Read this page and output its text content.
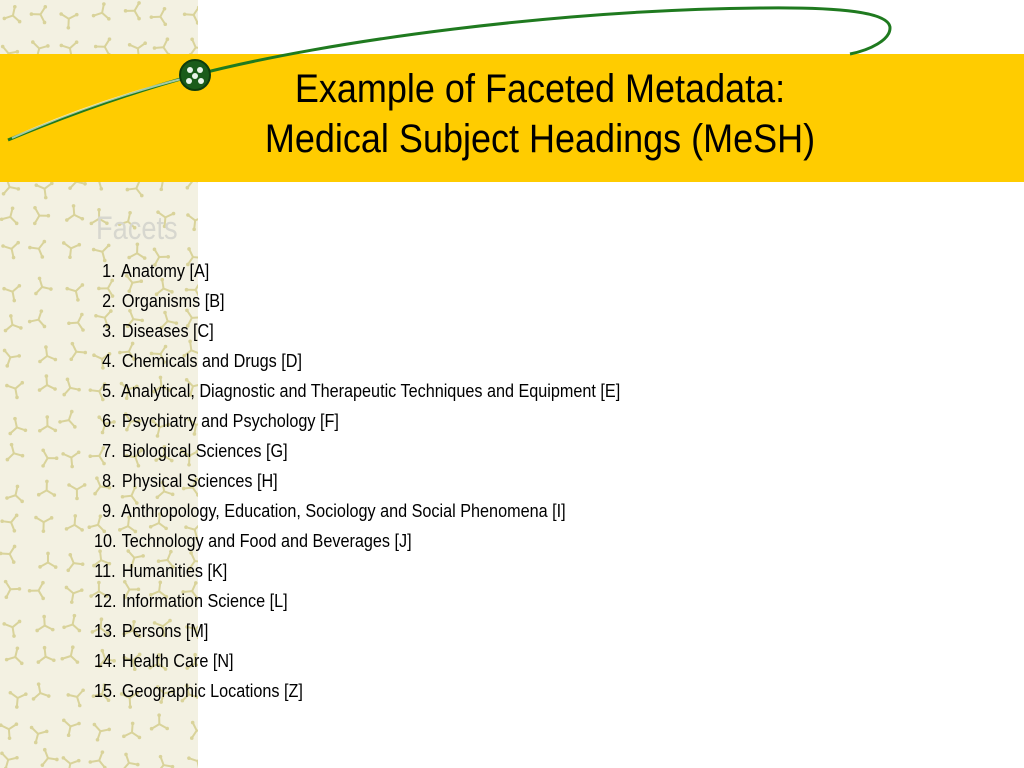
Example of Faceted Metadata:
Medical Subject Headings (MeSH)
Facets
1. Anatomy [A]
2. Organisms [B]
3. Diseases [C]
4. Chemicals and Drugs [D]
5. Analytical, Diagnostic and Therapeutic Techniques and Equipment [E]
6. Psychiatry and Psychology [F]
7. Biological Sciences [G]
8. Physical Sciences [H]
9. Anthropology, Education, Sociology and Social Phenomena [I]
10. Technology and Food and Beverages [J]
11. Humanities [K]
12. Information Science [L]
13. Persons [M]
14. Health Care [N]
15. Geographic Locations [Z]
